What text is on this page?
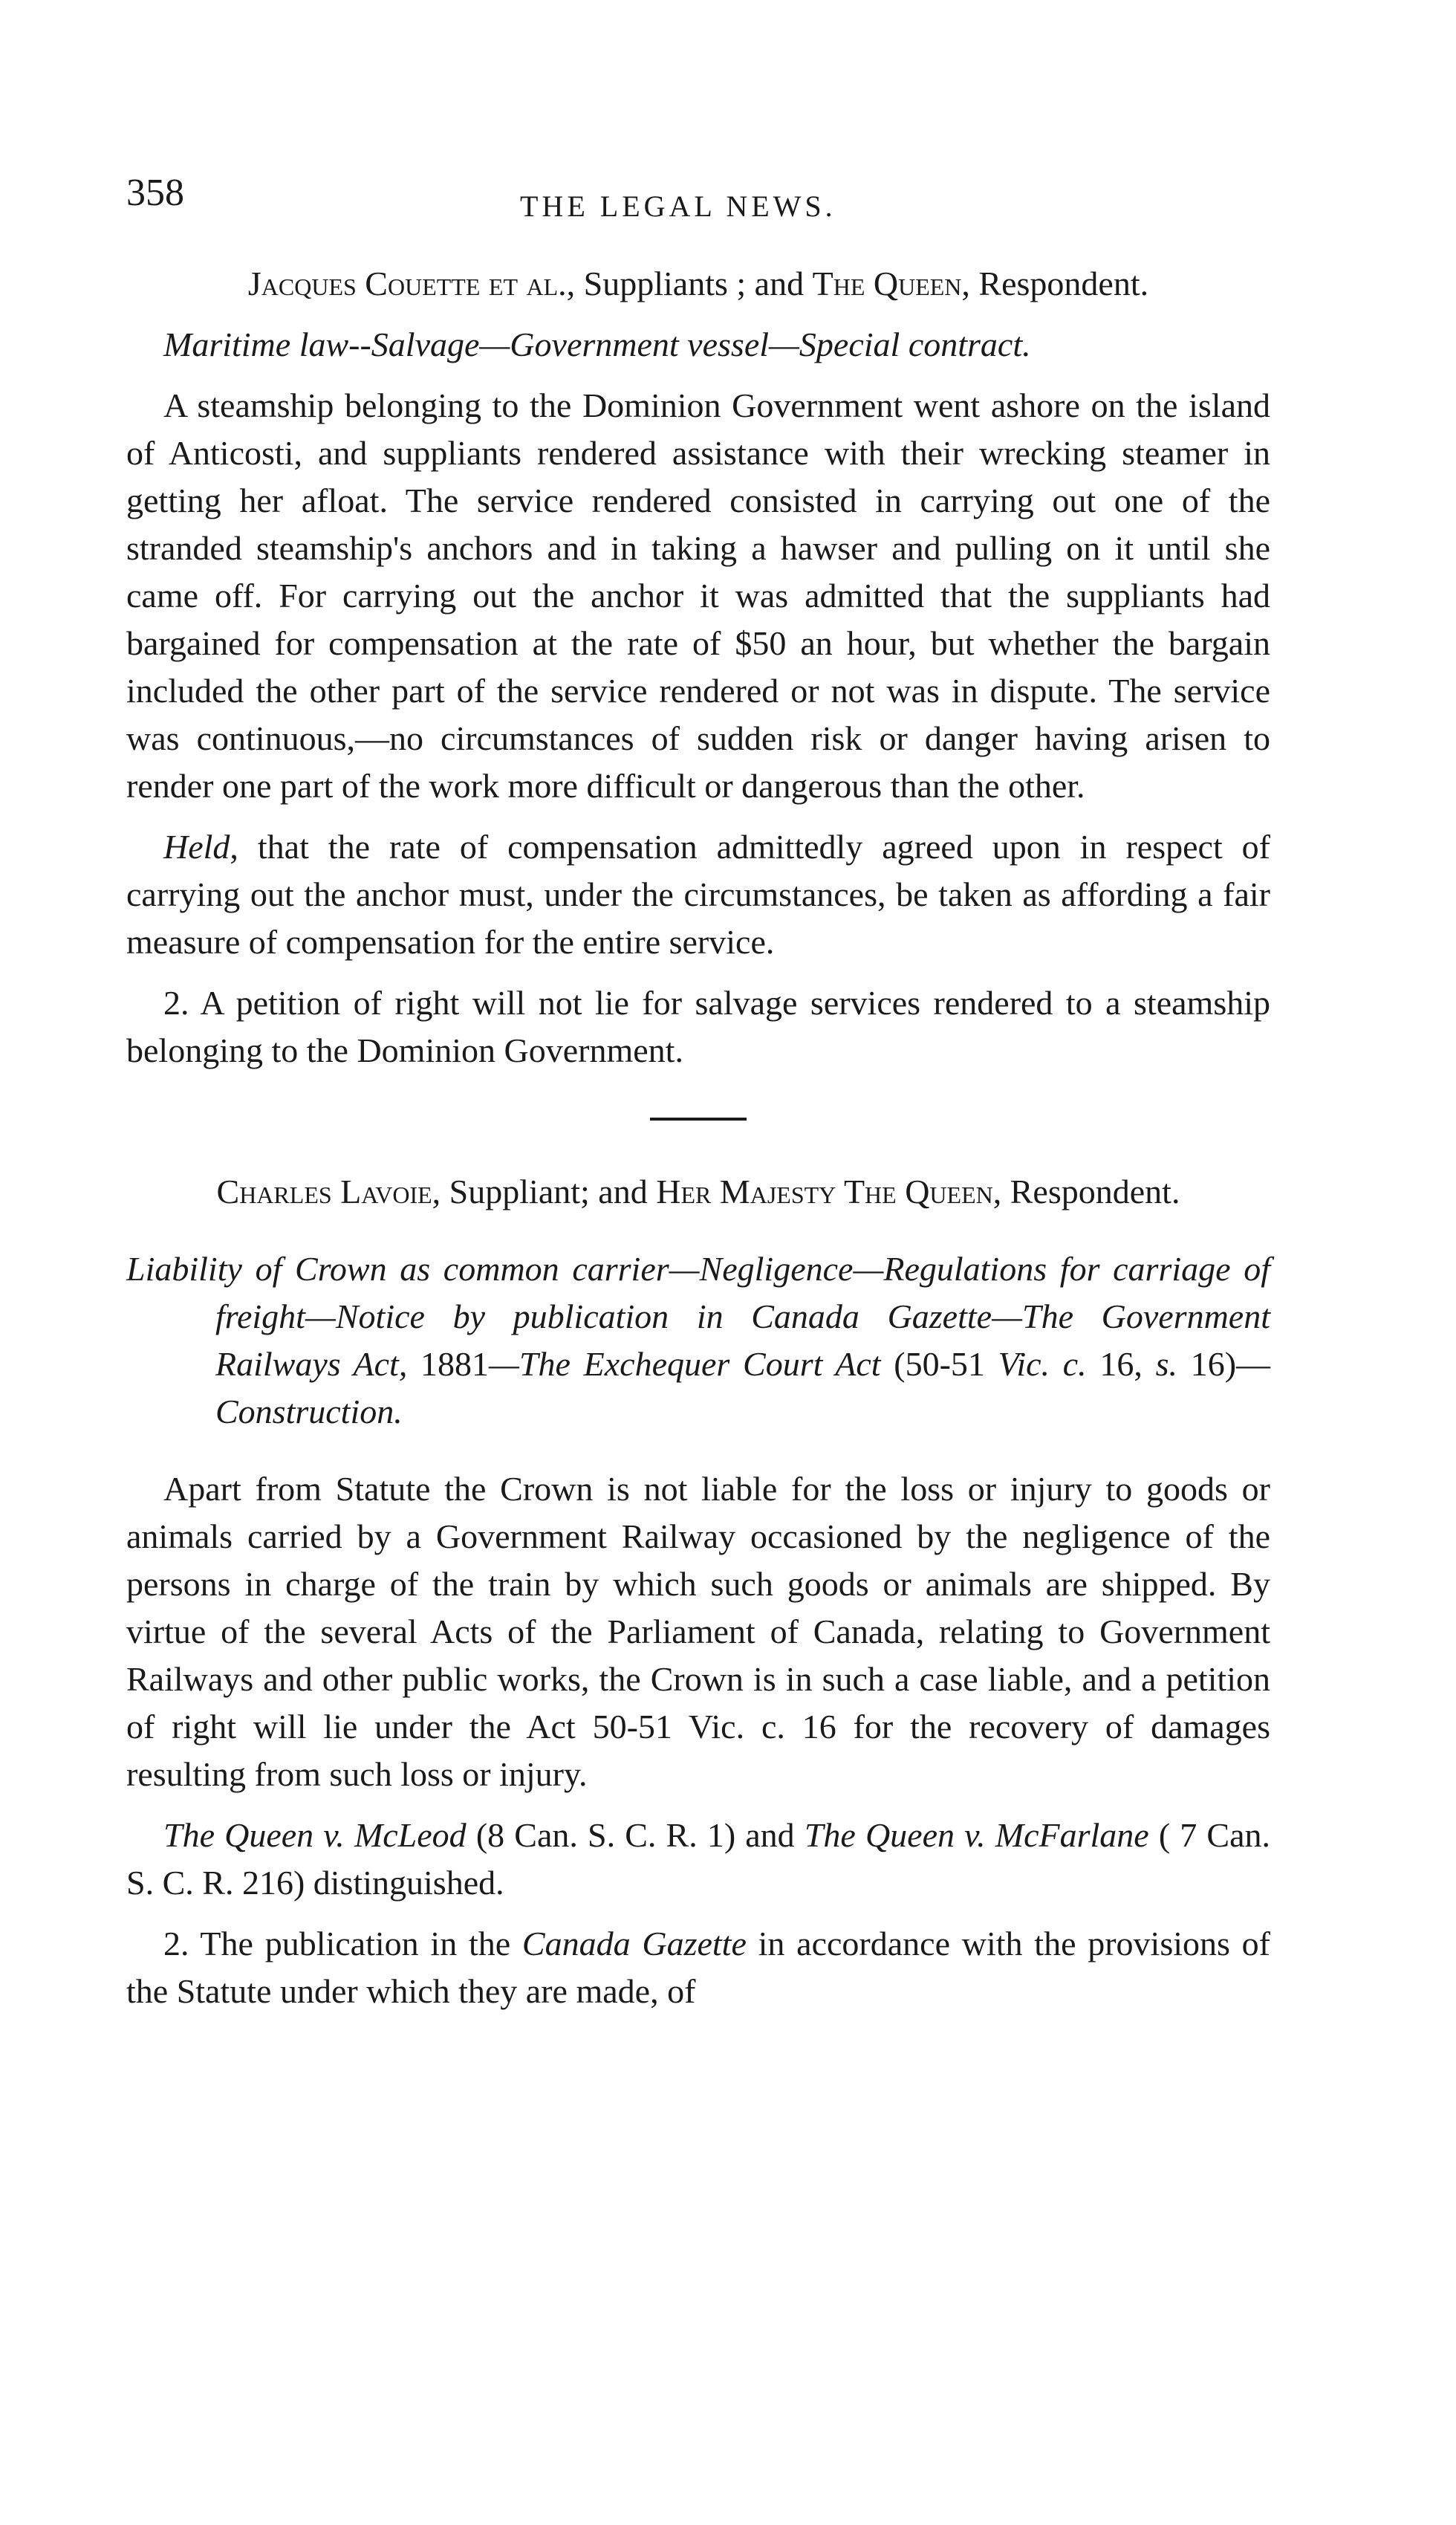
358	THE LEGAL NEWS.

Jacques Couette et al., Suppliants ; and The Queen, Respondent.

Maritime law--Salvage—Government vessel—Special contract.

A steamship belonging to the Dominion Government went ashore on the island of Anticosti, and suppliants rendered assistance with their wrecking steamer in getting her afloat. The service rendered consisted in carrying out one of the stranded steamship's anchors and in taking a hawser and pulling on it until she came off. For carrying out the anchor it was admitted that the suppliants had bargained for compensation at the rate of $50 an hour, but whether the bargain included the other part of the service rendered or not was in dispute. The service was continuous,—no circumstances of sudden risk or danger having arisen to render one part of the work more difficult or dangerous than the other.

Held, that the rate of compensation admittedly agreed upon in respect of carrying out the anchor must, under the circumstances, be taken as affording a fair measure of compensation for the entire service.

2. A petition of right will not lie for salvage services rendered to a steamship belonging to the Dominion Government.

Charles Lavoie, Suppliant; and Her Majesty The Queen, Respondent.

Liability of Crown as common carrier—Negligence—Regulations for carriage of freight—Notice by publication in Canada Gazette—The Government Railways Act, 1881—The Exchequer Court Act (50-51 Vic. c. 16, s. 16)—Construction.

Apart from Statute the Crown is not liable for the loss or injury to goods or animals carried by a Government Railway occasioned by the negligence of the persons in charge of the train by which such goods or animals are shipped. By virtue of the several Acts of the Parliament of Canada, relating to Government Railways and other public works, the Crown is in such a case liable, and a petition of right will lie under the Act 50-51 Vic. c. 16 for the recovery of damages resulting from such loss or injury.

The Queen v. McLeod (8 Can. S. C. R. 1) and The Queen v. McFarlane ( 7 Can. S. C. R. 216) distinguished.

2. The publication in the Canada Gazette in accordance with the provisions of the Statute under which they are made, of
